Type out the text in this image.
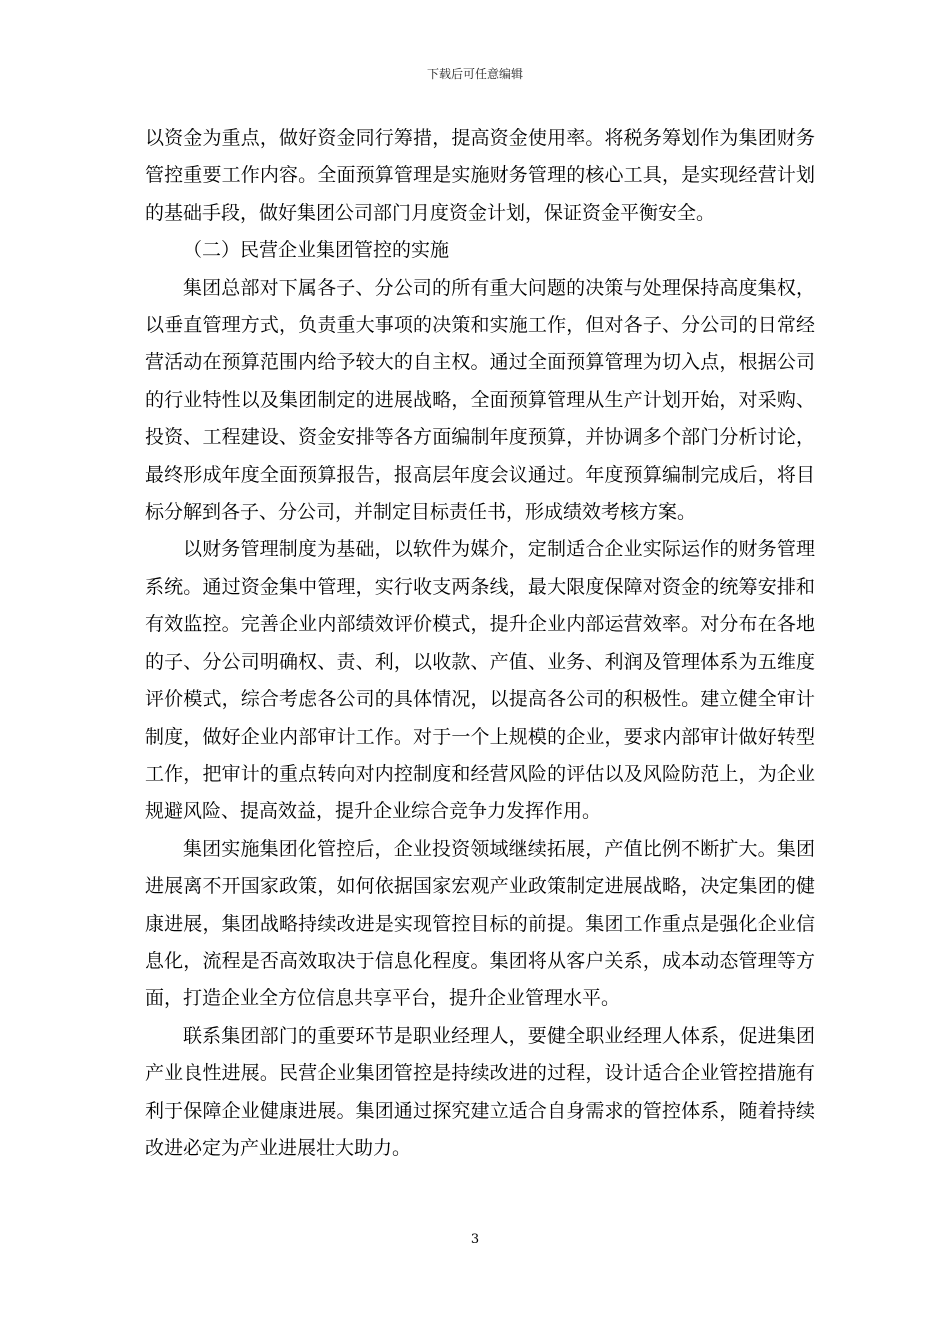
下载后可任意编辑

以资金为重点，做好资金同行筹措，提高资金使用率。将税务筹划作为集团财务管控重要工作内容。全面预算管理是实施财务管理的核心工具，是实现经营计划的基础手段，做好集团公司部门月度资金计划，保证资金平衡安全。

（二）民营企业集团管控的实施

集团总部对下属各子、分公司的所有重大问题的决策与处理保持高度集权，以垂直管理方式，负责重大事项的决策和实施工作，但对各子、分公司的日常经营活动在预算范围内给予较大的自主权。通过全面预算管理为切入点，根据公司的行业特性以及集团制定的进展战略，全面预算管理从生产计划开始，对采购、投资、工程建设、资金安排等各方面编制年度预算，并协调多个部门分析讨论，最终形成年度全面预算报告，报高层年度会议通过。年度预算编制完成后，将目标分解到各子、分公司，并制定目标责任书，形成绩效考核方案。

以财务管理制度为基础，以软件为媒介，定制适合企业实际运作的财务管理系统。通过资金集中管理，实行收支两条线，最大限度保障对资金的统筹安排和有效监控。完善企业内部绩效评价模式，提升企业内部运营效率。对分布在各地的子、分公司明确权、责、利，以收款、产值、业务、利润及管理体系为五维度评价模式，综合考虑各公司的具体情况，以提高各公司的积极性。建立健全审计制度，做好企业内部审计工作。对于一个上规模的企业，要求内部审计做好转型工作，把审计的重点转向对内控制度和经营风险的评估以及风险防范上，为企业规避风险、提高效益，提升企业综合竞争力发挥作用。

集团实施集团化管控后，企业投资领域继续拓展，产值比例不断扩大。集团进展离不开国家政策，如何依据国家宏观产业政策制定进展战略，决定集团的健康进展，集团战略持续改进是实现管控目标的前提。集团工作重点是强化企业信息化，流程是否高效取决于信息化程度。集团将从客户关系，成本动态管理等方面，打造企业全方位信息共享平台，提升企业管理水平。

联系集团部门的重要环节是职业经理人，要健全职业经理人体系，促进集团产业良性进展。民营企业集团管控是持续改进的过程，设计适合企业管控措施有利于保障企业健康进展。集团通过探究建立适合自身需求的管控体系，随着持续改进必定为产业进展壮大助力。

3
